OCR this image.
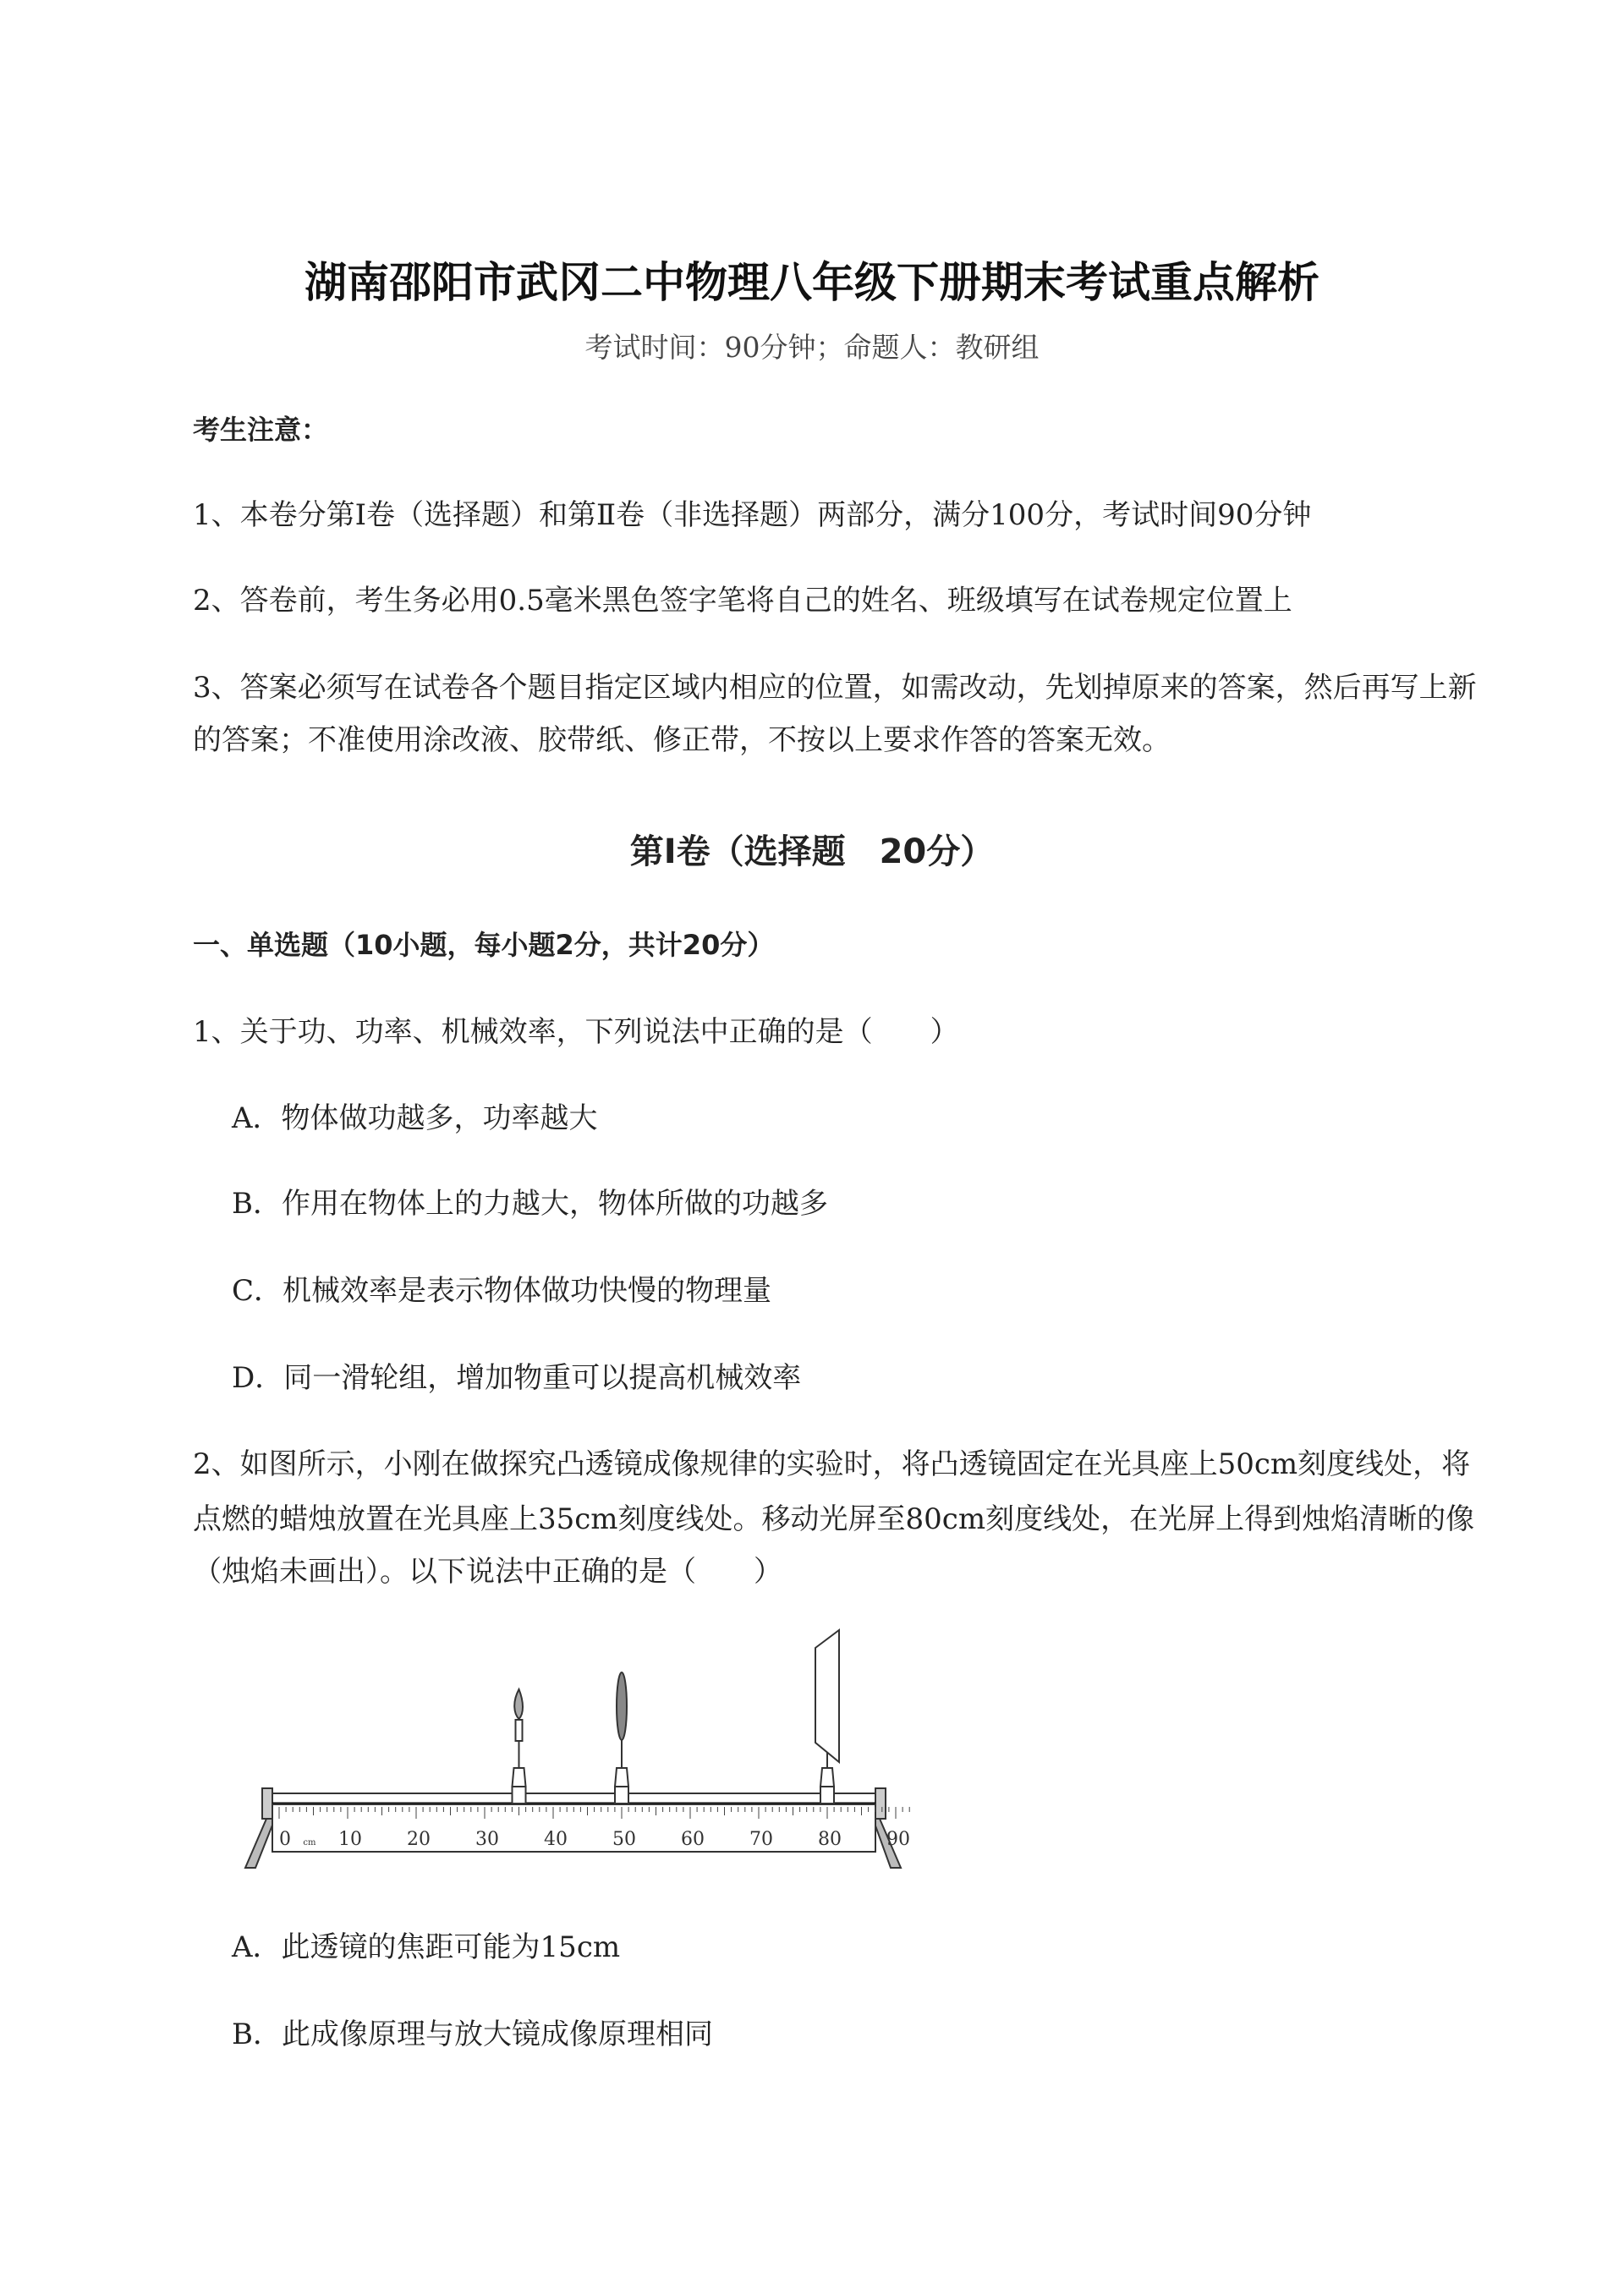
湖南邵阳市武冈二中物理八年级下册期末考试重点解析
考试时间：90分钟；命题人：教研组
考生注意：
1、本卷分第Ⅰ卷（选择题）和第Ⅱ卷（非选择题）两部分，满分100分，考试时间90分钟
2、答卷前，考生务必用0.5毫米黑色签字笔将自己的姓名、班级填写在试卷规定位置上
3、答案必须写在试卷各个题目指定区域内相应的位置，如需改动，先划掉原来的答案，然后再写上新
的答案；不准使用涂改液、胶带纸、修正带，不按以上要求作答的答案无效。
第Ⅰ卷（选择题　20分）
一、单选题（10小题，每小题2分，共计20分）
1、关于功、功率、机械效率，下列说法中正确的是（　　）
A．物体做功越多，功率越大
B．作用在物体上的力越大，物体所做的功越多
C．机械效率是表示物体做功快慢的物理量
D．同一滑轮组，增加物重可以提高机械效率
2、如图所示，小刚在做探究凸透镜成像规律的实验时，将凸透镜固定在光具座上50cm刻度线处，将
点燃的蜡烛放置在光具座上35cm刻度线处。移动光屏至80cm刻度线处，在光屏上得到烛焰清晰的像
（烛焰未画出）。以下说法中正确的是（　　）
0 cm 10 20 30 40 50 60 70 80 90
A．此透镜的焦距可能为15cm
B．此成像原理与放大镜成像原理相同
